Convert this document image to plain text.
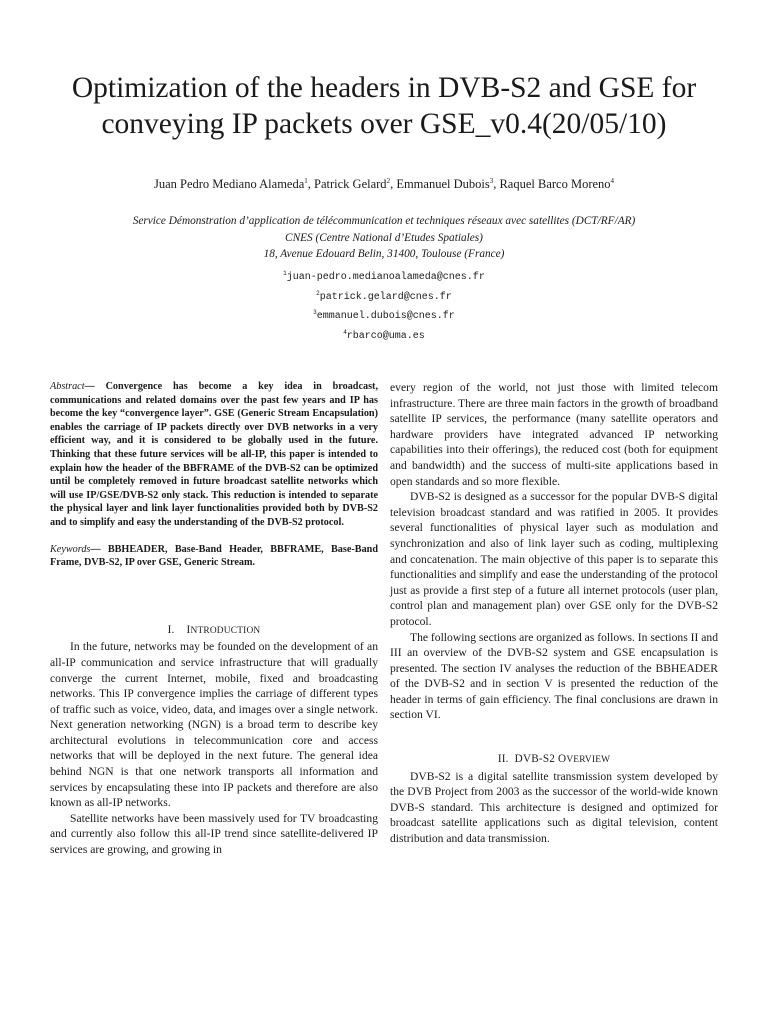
Optimization of the headers in DVB-S2 and GSE for conveying IP packets over GSE_v0.4(20/05/10)
Juan Pedro Mediano Alameda$^1$, Patrick Gelard$^2$, Emmanuel Dubois$^3$, Raquel Barco Moreno$^4$
Service Démonstration d’application de télécommunication et techniques réseaux avec satellites (DCT/RF/AR)
CNES (Centre National d’Etudes Spatiales)
18, Avenue Edouard Belin, 31400, Toulouse (France)
$^1$juan-pedro.medianoalameda@cnes.fr
$^2$patrick.gelard@cnes.fr
$^3$emmanuel.dubois@cnes.fr
$^4$rbarco@uma.es

Abstract— Convergence has become a key idea in broadcast, communications and related domains over the past few years and IP has become the key “convergence layer”. GSE (Generic Stream Encapsulation) enables the carriage of IP packets directly over DVB networks in a very efficient way, and it is considered to be globally used in the future. Thinking that these future services will be all-IP, this paper is intended to explain how the header of the BBFRAME of the DVB-S2 can be optimized until be completely removed in future broadcast satellite networks which will use IP/GSE/DVB-S2 only stack. This reduction is intended to separate the physical layer and link layer functionalities provided both by DVB-S2 and to simplify and easy the understanding of the DVB-S2 protocol.

Keywords— BBHEADER, Base-Band Header, BBFRAME, Base-Band Frame, DVB-S2, IP over GSE, Generic Stream.

I. INTRODUCTION

In the future, networks may be founded on the development of an all-IP communication and service infrastructure that will gradually converge the current Internet, mobile, fixed and broadcasting networks. This IP convergence implies the carriage of different types of traffic such as voice, video, data, and images over a single network. Next generation networking (NGN) is a broad term to describe key architectural evolutions in telecommunication core and access networks that will be deployed in the next future. The general idea behind NGN is that one network transports all information and services by encapsulating these into IP packets and therefore are also known as all-IP networks.

Satellite networks have been massively used for TV broadcasting and currently also follow this all-IP trend since satellite-delivered IP services are growing, and growing in

every region of the world, not just those with limited telecom infrastructure. There are three main factors in the growth of broadband satellite IP services, the performance (many satellite operators and hardware providers have integrated advanced IP networking capabilities into their offerings), the reduced cost (both for equipment and bandwidth) and the success of multi-site applications based in open standards and so more flexible.

DVB-S2 is designed as a successor for the popular DVB-S digital television broadcast standard and was ratified in 2005. It provides several functionalities of physical layer such as modulation and synchronization and also of link layer such as coding, multiplexing and concatenation. The main objective of this paper is to separate this functionalities and simplify and ease the understanding of the protocol just as provide a first step of a future all internet protocols (user plan, control plan and management plan) over GSE only for the DVB-S2 protocol.

The following sections are organized as follows. In sections II and III an overview of the DVB-S2 system and GSE encapsulation is presented. The section IV analyses the reduction of the BBHEADER of the DVB-S2 and in section V is presented the reduction of the header in terms of gain efficiency. The final conclusions are drawn in section VI.

II. DVB-S2 OVERVIEW

DVB-S2 is a digital satellite transmission system developed by the DVB Project from 2003 as the successor of the world-wide known DVB-S standard. This architecture is designed and optimized for broadcast satellite applications such as digital television, content distribution and data transmission.
